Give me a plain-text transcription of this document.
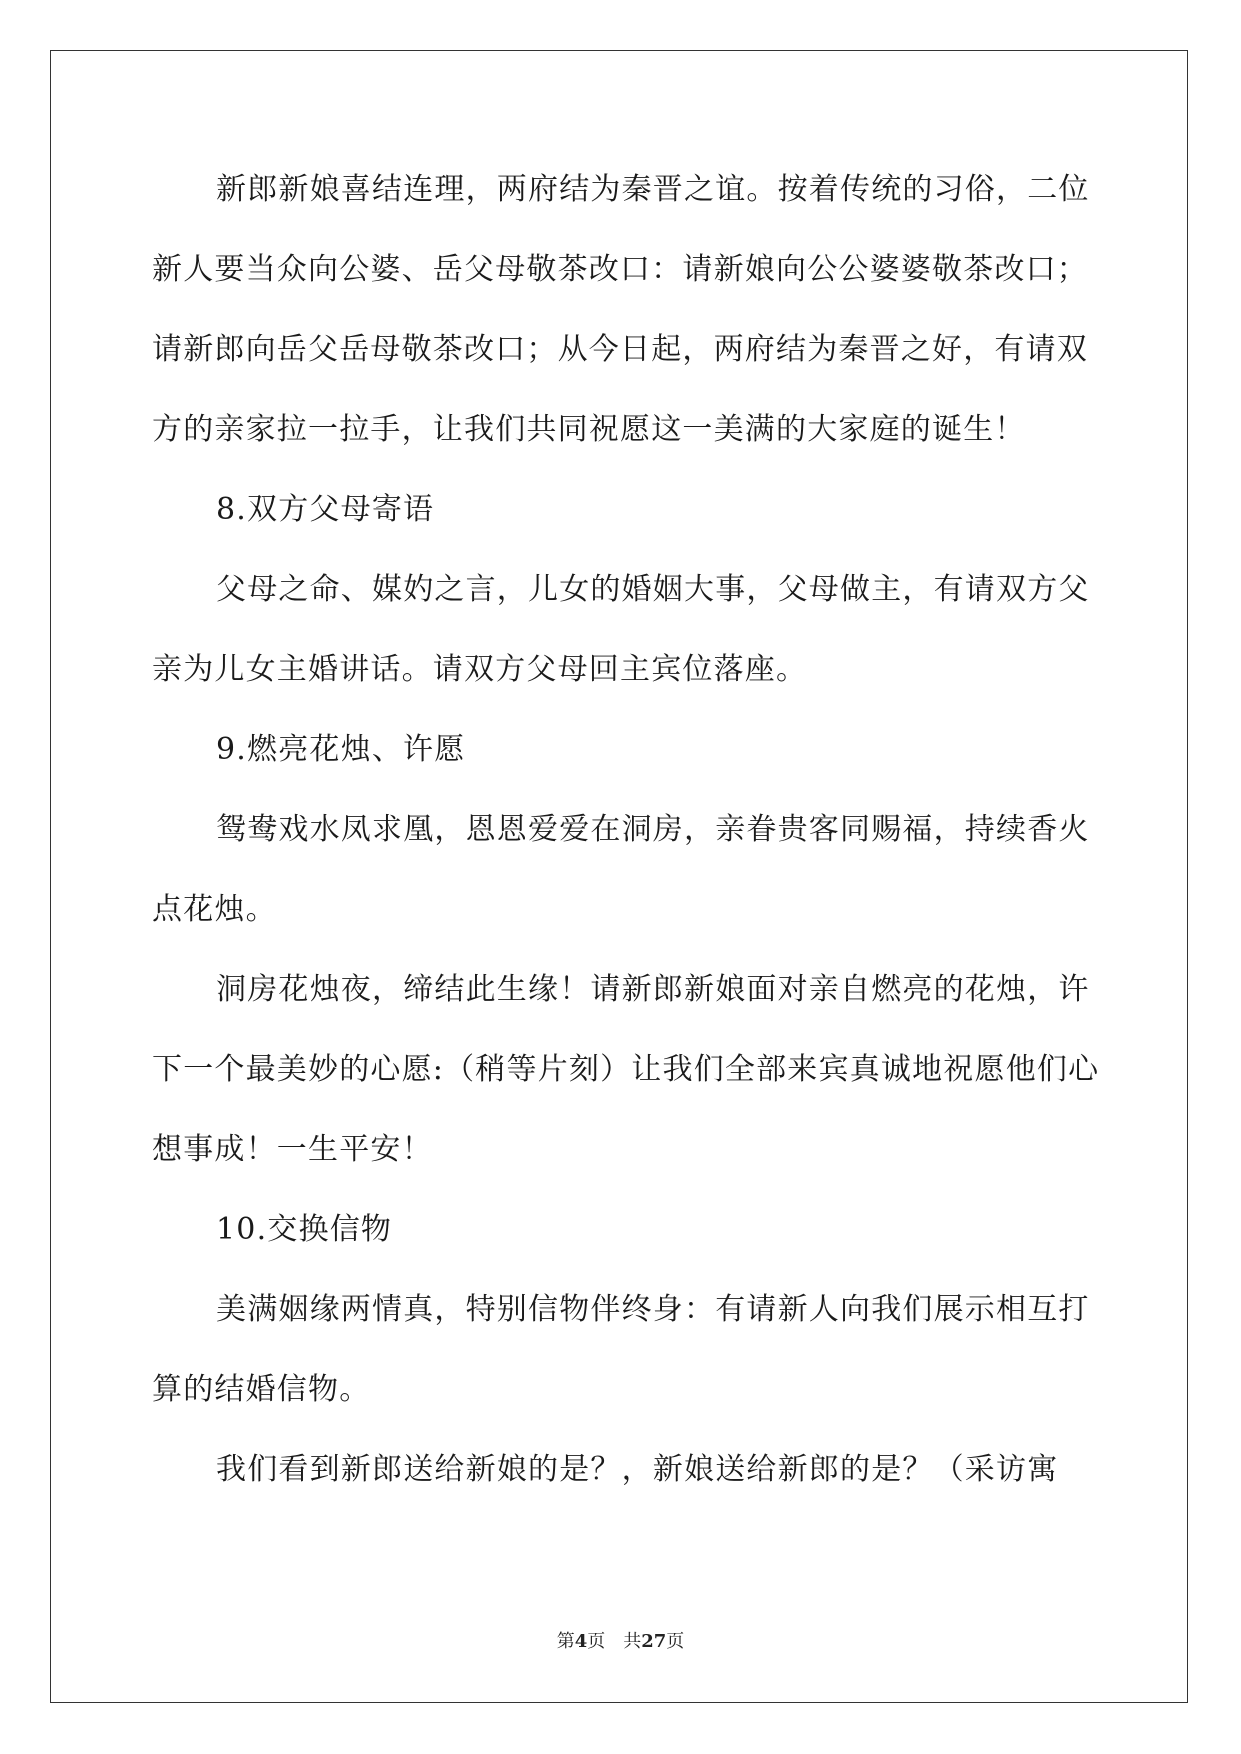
新郎新娘喜结连理，两府结为秦晋之谊。按着传统的习俗，二位
新人要当众向公婆、岳父母敬茶改口：请新娘向公公婆婆敬茶改口；
请新郎向岳父岳母敬茶改口；从今日起，两府结为秦晋之好，有请双
方的亲家拉一拉手，让我们共同祝愿这一美满的大家庭的诞生！
8.双方父母寄语
父母之命、媒妁之言，儿女的婚姻大事，父母做主，有请双方父
亲为儿女主婚讲话。请双方父母回主宾位落座。
9.燃亮花烛、许愿
鸳鸯戏水凤求凰，恩恩爱爱在洞房，亲眷贵客同赐福，持续香火
点花烛。
洞房花烛夜，缔结此生缘！请新郎新娘面对亲自燃亮的花烛，许
下一个最美妙的心愿:（稍等片刻）让我们全部来宾真诚地祝愿他们心
想事成！一生平安！
10.交换信物
美满姻缘两情真，特别信物伴终身：有请新人向我们展示相互打
算的结婚信物。
我们看到新郎送给新娘的是？，新娘送给新郎的是？（采访寓
第4页　共27页
